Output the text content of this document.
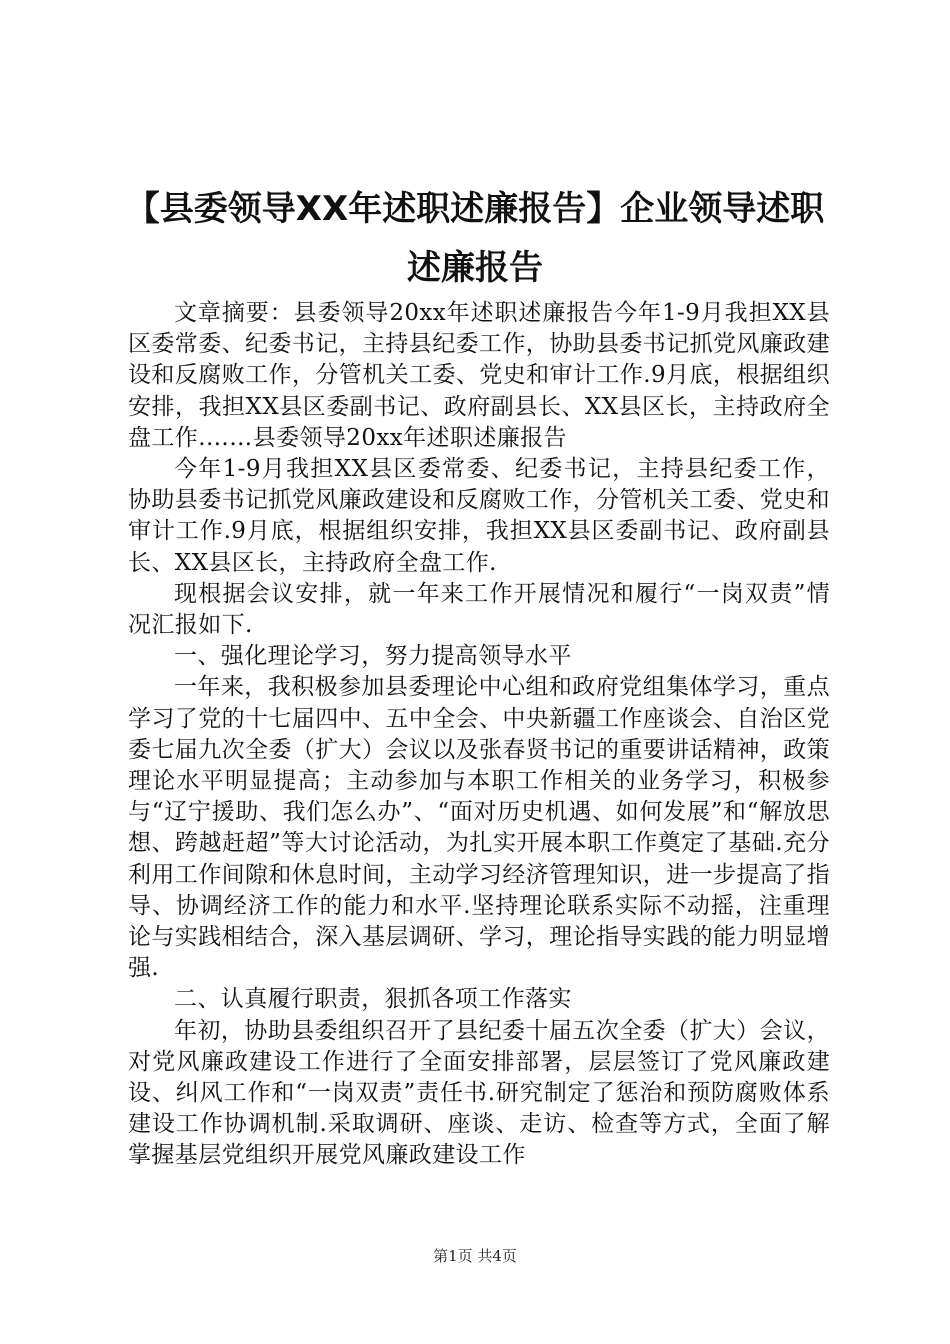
【县委领导XX年述职述廉报告】企业领导述职述廉报告

文章摘要：县委领导20xx年述职述廉报告今年1-9月我担XX县区委常委、纪委书记，主持县纪委工作，协助县委书记抓党风廉政建设和反腐败工作，分管机关工委、党史和审计工作.9月底，根据组织安排，我担XX县区委副书记、政府副县长、XX县区长，主持政府全盘工作.……县委领导20xx年述职述廉报告

今年1-9月我担XX县区委常委、纪委书记，主持县纪委工作，协助县委书记抓党风廉政建设和反腐败工作，分管机关工委、党史和审计工作.9月底，根据组织安排，我担XX县区委副书记、政府副县长、XX县区长，主持政府全盘工作.

现根据会议安排，就一年来工作开展情况和履行“一岗双责”情况汇报如下.

一、强化理论学习，努力提高领导水平

一年来，我积极参加县委理论中心组和政府党组集体学习，重点学习了党的十七届四中、五中全会、中央新疆工作座谈会、自治区党委七届九次全委（扩大）会议以及张春贤书记的重要讲话精神，政策理论水平明显提高；主动参加与本职工作相关的业务学习，积极参与“辽宁援助、我们怎么办”、“面对历史机遇、如何发展”和“解放思想、跨越赶超”等大讨论活动，为扎实开展本职工作奠定了基础.充分利用工作间隙和休息时间，主动学习经济管理知识，进一步提高了指导、协调经济工作的能力和水平.坚持理论联系实际不动摇，注重理论与实践相结合，深入基层调研、学习，理论指导实践的能力明显增强.

二、认真履行职责，狠抓各项工作落实

年初，协助县委组织召开了县纪委十届五次全委（扩大）会议，对党风廉政建设工作进行了全面安排部署，层层签订了党风廉政建设、纠风工作和“一岗双责”责任书.研究制定了惩治和预防腐败体系建设工作协调机制.采取调研、座谈、走访、检查等方式，全面了解掌握基层党组织开展党风廉政建设工作

第1页 共4页
